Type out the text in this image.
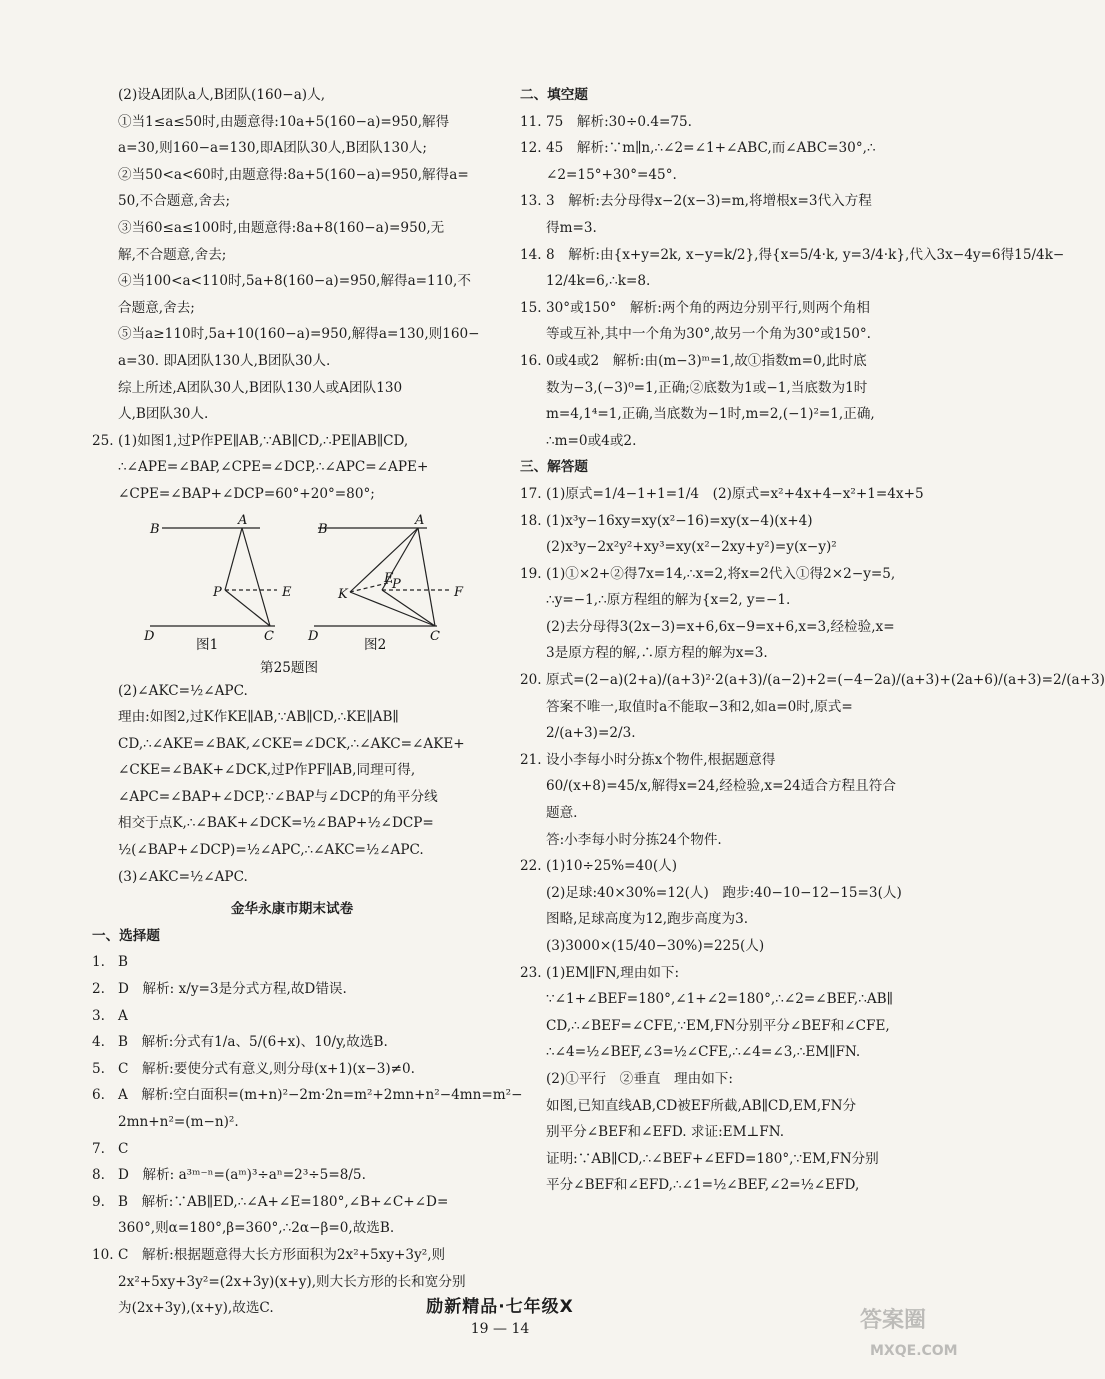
(2)设A团队a人,B团队(160−a)人,
①当1≤a≤50时,由题意得:10a+5(160−a)=950,解得
a=30,则160−a=130,即A团队30人,B团队130人;
②当50<a<60时,由题意得:8a+5(160−a)=950,解得a=
50,不合题意,舍去;
③当60≤a≤100时,由题意得:8a+8(160−a)=950,无
解,不合题意,舍去;
④当100<a<110时,5a+8(160−a)=950,解得a=110,不
合题意,舍去;
⑤当a≥110时,5a+10(160−a)=950,解得a=130,则160−
a=30. 即A团队130人,B团队30人.
综上所述,A团队30人,B团队130人或A团队130
人,B团队30人.
25. (1)如图1,过P作PE∥AB,∵AB∥CD,∴PE∥AB∥CD,
∴∠APE=∠BAP,∠CPE=∠DCP,∴∠APC=∠APE+
∠CPE=∠BAP+∠DCP=60°+20°=80°;
B
A
P	E
D	C
B
A
K
E
P
F
D	C
图1	图2
第25题图
(2)∠AKC=½∠APC.
理由:如图2,过K作KE∥AB,∵AB∥CD,∴KE∥AB∥
CD,∴∠AKE=∠BAK,∠CKE=∠DCK,∴∠AKC=∠AKE+
∠CKE=∠BAK+∠DCK,过P作PF∥AB,同理可得,
∠APC=∠BAP+∠DCP,∵∠BAP与∠DCP的角平分线
相交于点K,∴∠BAK+∠DCK=½∠BAP+½∠DCP=
½(∠BAP+∠DCP)=½∠APC,∴∠AKC=½∠APC.
(3)∠AKC=½∠APC.
金华永康市期末试卷
一、选择题
1. B
2. D　解析: x/y=3是分式方程,故D错误.
3. A
4. B　解析:分式有1/a、5/(6+x)、10/y,故选B.
5. C　解析:要使分式有意义,则分母(x+1)(x−3)≠0.
6. A　解析:空白面积=(m+n)²−2m·2n=m²+2mn+n²−4mn=m²−
2mn+n²=(m−n)².
7. C
8. D　解析: a³ᵐ⁻ⁿ=(aᵐ)³÷aⁿ=2³÷5=8/5.
9. B　解析:∵AB∥ED,∴∠A+∠E=180°,∠B+∠C+∠D=
360°,则α=180°,β=360°,∴2α−β=0,故选B.
10. C　解析:根据题意得大长方形面积为2x²+5xy+3y²,则
2x²+5xy+3y²=(2x+3y)(x+y),则大长方形的长和宽分别
为(2x+3y),(x+y),故选C.
二、填空题
11. 75　解析:30÷0.4=75.
12. 45　解析:∵m∥n,∴∠2=∠1+∠ABC,而∠ABC=30°,∴
∠2=15°+30°=45°.
13. 3　解析:去分母得x−2(x−3)=m,将增根x=3代入方程
得m=3.
14. 8　解析:由{x+y=2k, x−y=k/2},得{x=5/4·k, y=3/4·k},代入3x−4y=6得15/4k−
12/4k=6,∴k=8.
15. 30°或150°　解析:两个角的两边分别平行,则两个角相
等或互补,其中一个角为30°,故另一个角为30°或150°.
16. 0或4或2　解析:由(m−3)ᵐ=1,故①指数m=0,此时底
数为−3,(−3)⁰=1,正确;②底数为1或−1,当底数为1时
m=4,1⁴=1,正确,当底数为−1时,m=2,(−1)²=1,正确,
∴m=0或4或2.
三、解答题
17. (1)原式=1/4−1+1=1/4　(2)原式=x²+4x+4−x²+1=4x+5
18. (1)x³y−16xy=xy(x²−16)=xy(x−4)(x+4)
(2)x³y−2x²y²+xy³=xy(x²−2xy+y²)=y(x−y)²
19. (1)①×2+②得7x=14,∴x=2,将x=2代入①得2×2−y=5,
∴y=−1,∴原方程组的解为{x=2, y=−1.
(2)去分母得3(2x−3)=x+6,6x−9=x+6,x=3,经检验,x=
3是原方程的解,∴原方程的解为x=3.
20. 原式=(2−a)(2+a)/(a+3)²·2(a+3)/(a−2)+2=(−4−2a)/(a+3)+(2a+6)/(a+3)=2/(a+3)
答案不唯一,取值时a不能取−3和2,如a=0时,原式=
2/(a+3)=2/3.
21. 设小李每小时分拣x个物件,根据题意得
60/(x+8)=45/x,解得x=24,经检验,x=24适合方程且符合
题意.
答:小李每小时分拣24个物件.
22. (1)10÷25%=40(人)
(2)足球:40×30%=12(人)　跑步:40−10−12−15=3(人)
图略,足球高度为12,跑步高度为3.
(3)3000×(15/40−30%)=225(人)
23. (1)EM∥FN,理由如下:
∵∠1+∠BEF=180°,∠1+∠2=180°,∴∠2=∠BEF,∴AB∥
CD,∴∠BEF=∠CFE,∵EM,FN分别平分∠BEF和∠CFE,
∴∠4=½∠BEF,∠3=½∠CFE,∴∠4=∠3,∴EM∥FN.
(2)①平行　②垂直　理由如下:
如图,已知直线AB,CD被EF所截,AB∥CD,EM,FN分
别平分∠BEF和∠EFD. 求证:EM⊥FN.
证明:∵AB∥CD,∴∠BEF+∠EFD=180°,∵EM,FN分别
平分∠BEF和∠EFD,∴∠1=½∠BEF,∠2=½∠EFD,
励新精品·七年级X
19 — 14	答案圈
MXQE.COM
